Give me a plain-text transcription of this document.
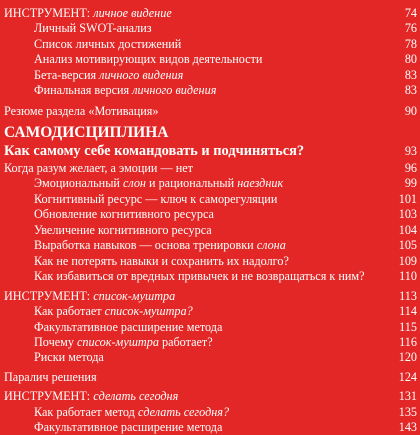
ИНСТРУМЕНТ: личное видение	74
Личный SWOT-анализ	76
Список личных достижений	78
Анализ мотивирующих видов деятельности	80
Бета-версия личного видения	83
Финальная версия личного видения	83
Резюме раздела «Мотивация»	90
САМОДИСЦИПЛИНА
Как самому себе командовать и подчиняться?	93
Когда разум желает, а эмоции — нет	96
Эмоциональный слон и рациональный наездник	99
Когнитивный ресурс — ключ к саморегуляции	101
Обновление когнитивного ресурса	103
Увеличение когнитивного ресурса	104
Выработка навыков — основа тренировки слона	105
Как не потерять навыки и сохранить их надолго?	109
Как избавиться от вредных привычек и не возвращаться к ним?	110
ИНСТРУМЕНТ: список-муштра	113
Как работает список-муштра?	114
Факультативное расширение метода	115
Почему список-муштра работает?	116
Риски метода	120
Паралич решения	124
ИНСТРУМЕНТ: сделать сегодня	131
Как работает метод сделать сегодня?	135
Факультативное расширение метода	143
